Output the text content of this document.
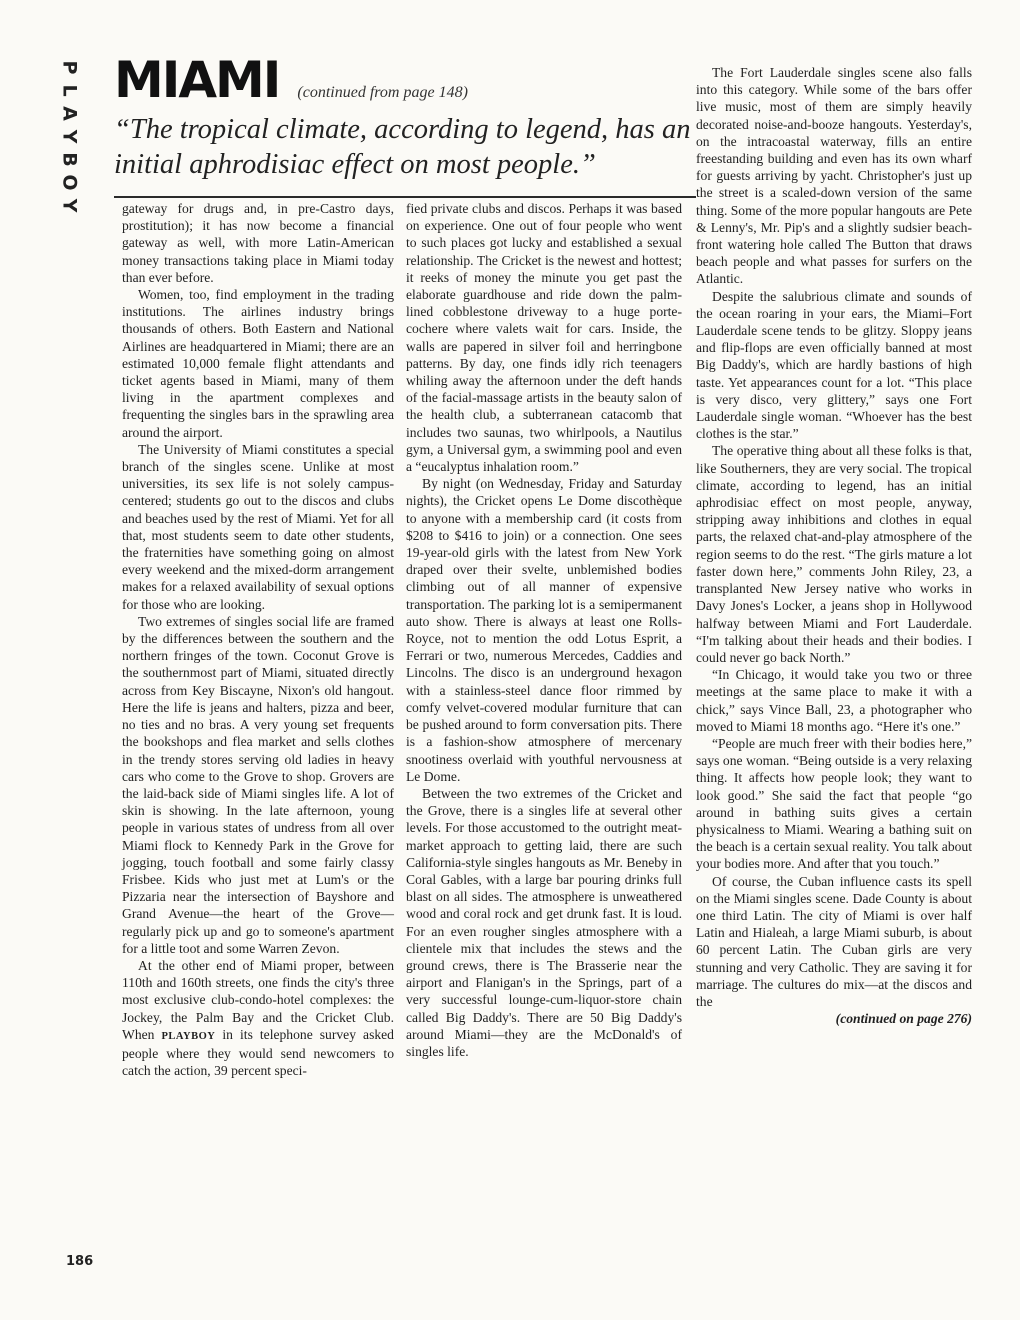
P
L
A
Y
B
O
Y
MIAMI (continued from page 148)
“The tropical climate, according to legend, has an initial aphrodisiac effect on most people.”

gateway for drugs and, in pre-Castro days, prostitution); it has now become a financial gateway as well, with more Latin-American money transactions taking place in Miami today than ever before.

Women, too, find employment in the trading institutions. The airlines industry brings thousands of others. Both Eastern and National Airlines are headquartered in Miami; there are an estimated 10,000 female flight attendants and ticket agents based in Miami, many of them living in the apartment complexes and frequenting the singles bars in the sprawling area around the airport.

The University of Miami constitutes a special branch of the singles scene. Unlike at most universities, its sex life is not solely campus-centered; students go out to the discos and clubs and beaches used by the rest of Miami. Yet for all that, most students seem to date other students, the fraternities have something going on almost every weekend and the mixed-dorm arrangement makes for a relaxed availability of sexual options for those who are looking.

Two extremes of singles social life are framed by the differences between the southern and the northern fringes of the town. Coconut Grove is the southernmost part of Miami, situated directly across from Key Biscayne, Nixon's old hangout. Here the life is jeans and halters, pizza and beer, no ties and no bras. A very young set frequents the bookshops and flea market and sells clothes in the trendy stores serving old ladies in heavy cars who come to the Grove to shop. Grovers are the laid-back side of Miami singles life. A lot of skin is showing. In the late afternoon, young people in various states of undress from all over Miami flock to Kennedy Park in the Grove for jogging, touch football and some fairly classy Frisbee. Kids who just met at Lum's or the Pizzaria near the intersection of Bayshore and Grand Avenue—the heart of the Grove—regularly pick up and go to someone's apartment for a little toot and some Warren Zevon.

At the other end of Miami proper, between 110th and 160th streets, one finds the city's three most exclusive club-condo-hotel complexes: the Jockey, the Palm Bay and the Cricket Club. When PLAYBOY in its telephone survey asked people where they would send newcomers to catch the action, 39 percent speci-

fied private clubs and discos. Perhaps it was based on experience. One out of four people who went to such places got lucky and established a sexual relationship. The Cricket is the newest and hottest; it reeks of money the minute you get past the elaborate guardhouse and ride down the palm-lined cobblestone driveway to a huge porte-cochere where valets wait for cars. Inside, the walls are papered in silver foil and herringbone patterns. By day, one finds idly rich teenagers whiling away the afternoon under the deft hands of the facial-massage artists in the beauty salon of the health club, a subterranean catacomb that includes two saunas, two whirlpools, a Nautilus gym, a Universal gym, a swimming pool and even a “eucalyptus inhalation room.”

By night (on Wednesday, Friday and Saturday nights), the Cricket opens Le Dome discothèque to anyone with a membership card (it costs from $208 to $416 to join) or a connection. One sees 19-year-old girls with the latest from New York draped over their svelte, unblemished bodies climbing out of all manner of expensive transportation. The parking lot is a semipermanent auto show. There is always at least one Rolls-Royce, not to mention the odd Lotus Esprit, a Ferrari or two, numerous Mercedes, Caddies and Lincolns. The disco is an underground hexagon with a stainless-steel dance floor rimmed by comfy velvet-covered modular furniture that can be pushed around to form conversation pits. There is a fashion-show atmosphere of mercenary snootiness overlaid with youthful nervousness at Le Dome.

Between the two extremes of the Cricket and the Grove, there is a singles life at several other levels. For those accustomed to the outright meat-market approach to getting laid, there are such California-style singles hangouts as Mr. Beneby in Coral Gables, with a large bar pouring drinks full blast on all sides. The atmosphere is unweathered wood and coral rock and get drunk fast. It is loud. For an even rougher singles atmosphere with a clientele mix that includes the stews and the ground crews, there is The Brasserie near the airport and Flanigan's in the Springs, part of a very successful lounge-cum-liquor-store chain called Big Daddy's. There are 50 Big Daddy's around Miami—they are the McDonald's of singles life.

The Fort Lauderdale singles scene also falls into this category. While some of the bars offer live music, most of them are simply heavily decorated noise-and-booze hangouts. Yesterday's, on the intracoastal waterway, fills an entire freestanding building and even has its own wharf for guests arriving by yacht. Christopher's just up the street is a scaled-down version of the same thing. Some of the more popular hangouts are Pete & Lenny's, Mr. Pip's and a slightly sudsier beach-front watering hole called The Button that draws beach people and what passes for surfers on the Atlantic.

Despite the salubrious climate and sounds of the ocean roaring in your ears, the Miami–Fort Lauderdale scene tends to be glitzy. Sloppy jeans and flip-flops are even officially banned at most Big Daddy's, which are hardly bastions of high taste. Yet appearances count for a lot. “This place is very disco, very glittery,” says one Fort Lauderdale single woman. “Whoever has the best clothes is the star.”

The operative thing about all these folks is that, like Southerners, they are very social. The tropical climate, according to legend, has an initial aphrodisiac effect on most people, anyway, stripping away inhibitions and clothes in equal parts, the relaxed chat-and-play atmosphere of the region seems to do the rest. “The girls mature a lot faster down here,” comments John Riley, 23, a transplanted New Jersey native who works in Davy Jones's Locker, a jeans shop in Hollywood halfway between Miami and Fort Lauderdale. “I'm talking about their heads and their bodies. I could never go back North.”

“In Chicago, it would take you two or three meetings at the same place to make it with a chick,” says Vince Ball, 23, a photographer who moved to Miami 18 months ago. “Here it's one.”

“People are much freer with their bodies here,” says one woman. “Being outside is a very relaxing thing. It affects how people look; they want to look good.” She said the fact that people “go around in bathing suits gives a certain physicalness to Miami. Wearing a bathing suit on the beach is a certain sexual reality. You talk about your bodies more. And after that you touch.”

Of course, the Cuban influence casts its spell on the Miami singles scene. Dade County is about one third Latin. The city of Miami is over half Latin and Hialeah, a large Miami suburb, is about 60 percent Latin. The Cuban girls are very stunning and very Catholic. They are saving it for marriage. The cultures do mix—at the discos and the

(continued on page 276)

186
